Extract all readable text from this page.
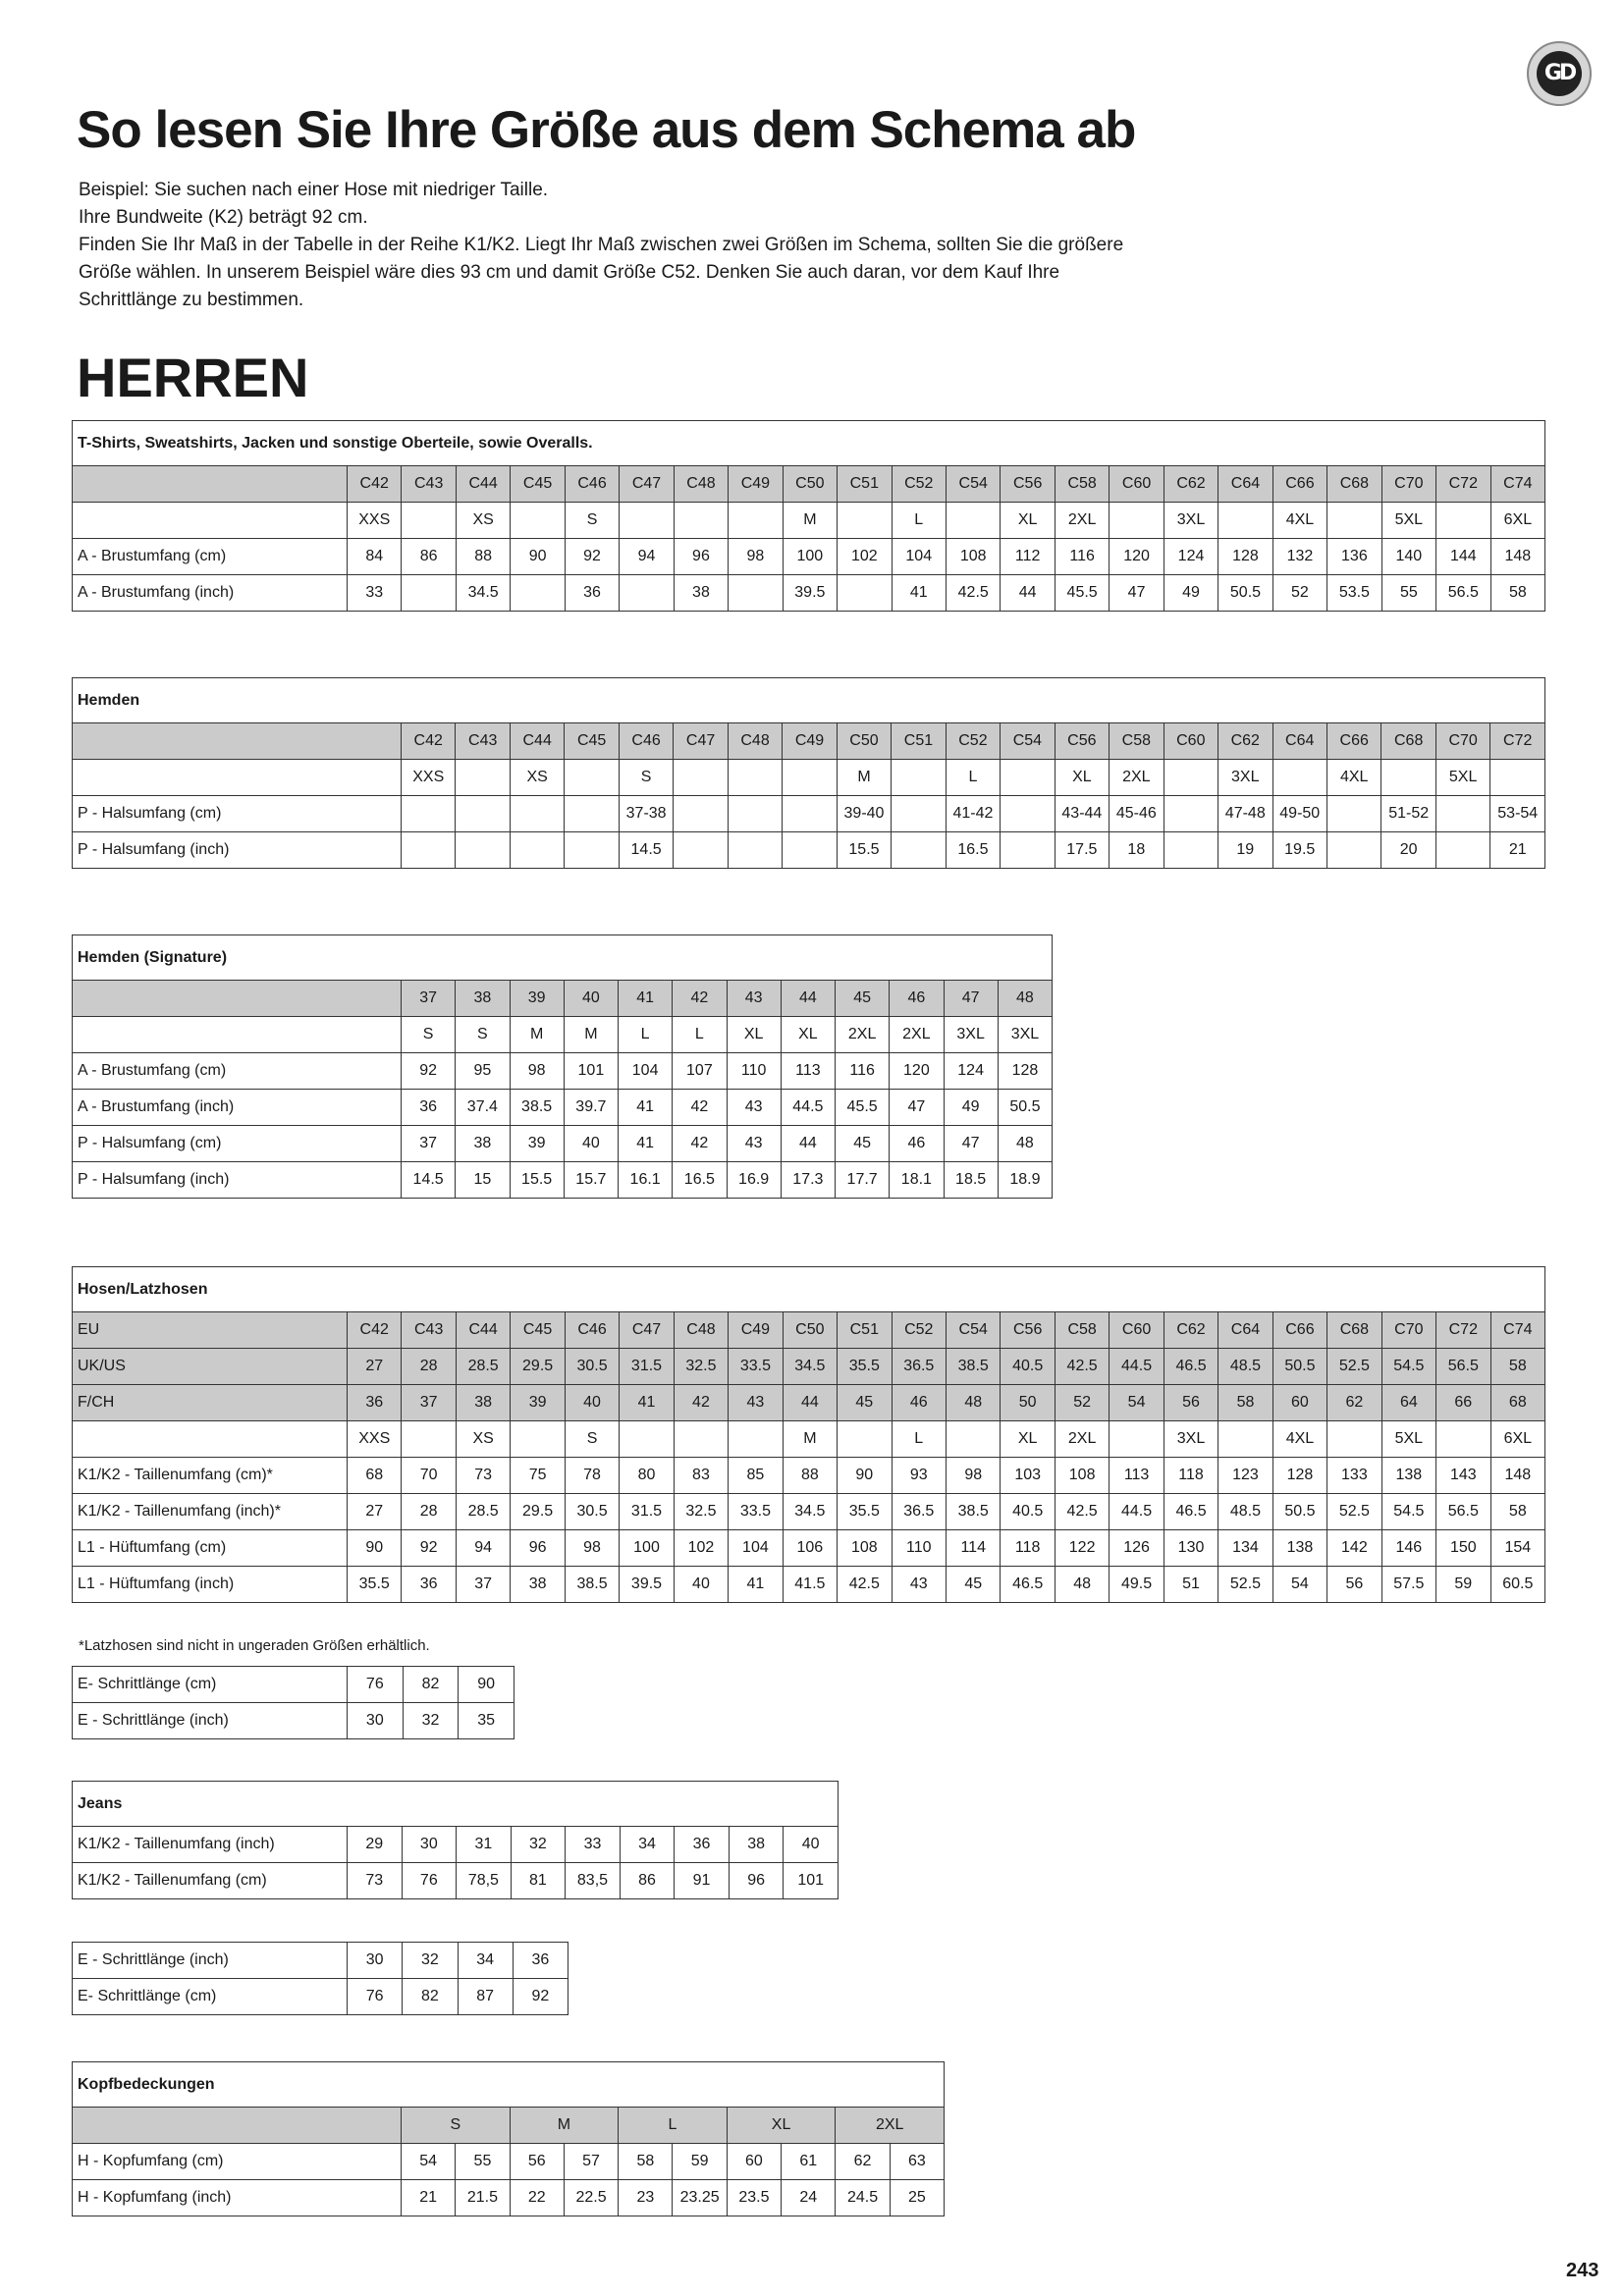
GD
So lesen Sie Ihre Größe aus dem Schema ab

Beispiel: Sie suchen nach einer Hose mit niedriger Taille.

Ihre Bundweite (K2) beträgt 92 cm.

Finden Sie Ihr Maß in der Tabelle in der Reihe K1/K2. Liegt Ihr Maß zwischen zwei Größen im Schema, sollten Sie die größere

Größe wählen. In unserem Beispiel wäre dies 93 cm und damit Größe C52. Denken Sie auch daran, vor dem Kauf Ihre

Schrittlänge zu bestimmen.

HERREN
T-Shirts, Sweatshirts, Jacken und sonstige Oberteile, sowie Overalls.																						
	C42	C43	C44	C45	C46	C47	C48	C49	C50	C51	C52	C54	C56	C58	C60	C62	C64	C66	C68	C70	C72	C74
	XXS		XS		S				M		L		XL	2XL		3XL		4XL		5XL		6XL
A - Brustumfang (cm)	84	86	88	90	92	94	96	98	100	102	104	108	112	116	120	124	128	132	136	140	144	148
A - Brustumfang (inch)	33		34.5		36		38		39.5		41	42.5	44	45.5	47	49	50.5	52	53.5	55	56.5	58
Hemden																					
	C42	C43	C44	C45	C46	C47	C48	C49	C50	C51	C52	C54	C56	C58	C60	C62	C64	C66	C68	C70	C72
	XXS		XS		S				M		L		XL	2XL		3XL		4XL		5XL	
P - Halsumfang (cm)					37-38				39-40		41-42		43-44	45-46		47-48	49-50		51-52		53-54
P - Halsumfang (inch)					14.5				15.5		16.5		17.5	18		19	19.5		20		21
Hemden (Signature)												
	37	38	39	40	41	42	43	44	45	46	47	48
	S	S	M	M	L	L	XL	XL	2XL	2XL	3XL	3XL
A - Brustumfang (cm)	92	95	98	101	104	107	110	113	116	120	124	128
A - Brustumfang (inch)	36	37.4	38.5	39.7	41	42	43	44.5	45.5	47	49	50.5
P - Halsumfang (cm)	37	38	39	40	41	42	43	44	45	46	47	48
P - Halsumfang (inch)	14.5	15	15.5	15.7	16.1	16.5	16.9	17.3	17.7	18.1	18.5	18.9
Hosen/Latzhosen																						
EU	C42	C43	C44	C45	C46	C47	C48	C49	C50	C51	C52	C54	C56	C58	C60	C62	C64	C66	C68	C70	C72	C74
UK/US	27	28	28.5	29.5	30.5	31.5	32.5	33.5	34.5	35.5	36.5	38.5	40.5	42.5	44.5	46.5	48.5	50.5	52.5	54.5	56.5	58
F/CH	36	37	38	39	40	41	42	43	44	45	46	48	50	52	54	56	58	60	62	64	66	68
	XXS		XS		S				M		L		XL	2XL		3XL		4XL		5XL		6XL
K1/K2 - Taillenumfang (cm)*	68	70	73	75	78	80	83	85	88	90	93	98	103	108	113	118	123	128	133	138	143	148
K1/K2 - Taillenumfang (inch)*	27	28	28.5	29.5	30.5	31.5	32.5	33.5	34.5	35.5	36.5	38.5	40.5	42.5	44.5	46.5	48.5	50.5	52.5	54.5	56.5	58
L1 - Hüftumfang (cm)	90	92	94	96	98	100	102	104	106	108	110	114	118	122	126	130	134	138	142	146	150	154
L1 - Hüftumfang (inch)	35.5	36	37	38	38.5	39.5	40	41	41.5	42.5	43	45	46.5	48	49.5	51	52.5	54	56	57.5	59	60.5

*Latzhosen sind nicht in ungeraden Größen erhältlich.

E- Schrittlänge (cm)	76	82	90
E - Schrittlänge (inch)	30	32	35
Jeans									
K1/K2 - Taillenumfang (inch)	29	30	31	32	33	34	36	38	40
K1/K2 - Taillenumfang (cm)	73	76	78,5	81	83,5	86	91	96	101
E - Schrittlänge (inch)	30	32	34	36
E- Schrittlänge (cm)	76	82	87	92
Kopfbedeckungen										
	S		M		L		XL		2XL	
H - Kopfumfang (cm)	54	55	56	57	58	59	60	61	62	63
H - Kopfumfang (inch)	21	21.5	22	22.5	23	23.25	23.5	24	24.5	25
243
